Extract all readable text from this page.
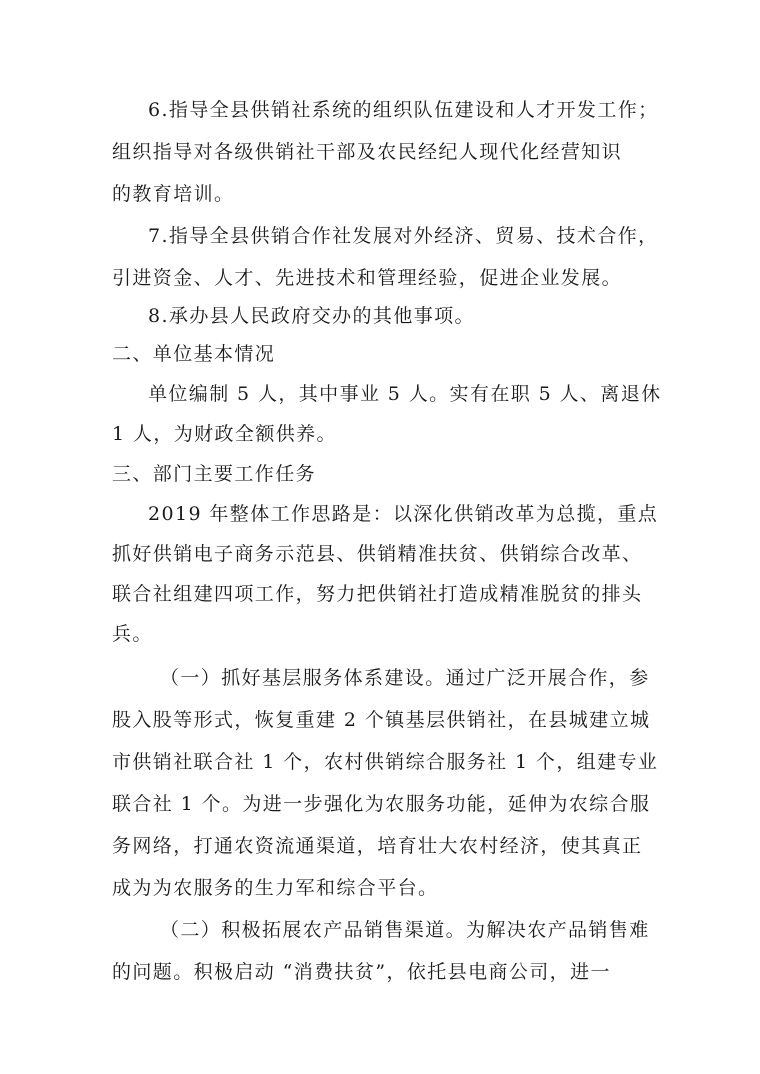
6.指导全县供销社系统的组织队伍建设和人才开发工作；
组织指导对各级供销社干部及农民经纪人现代化经营知识
的教育培训。
7.指导全县供销合作社发展对外经济、贸易、技术合作，
引进资金、人才、先进技术和管理经验，促进企业发展。
8.承办县人民政府交办的其他事项。
二、单位基本情况
单位编制 5 人，其中事业 5 人。实有在职 5 人、离退休
1 人，为财政全额供养。
三、部门主要工作任务
2019 年整体工作思路是：以深化供销改革为总揽，重点
抓好供销电子商务示范县、供销精准扶贫、供销综合改革、
联合社组建四项工作，努力把供销社打造成精准脱贫的排头
兵。
（一）抓好基层服务体系建设。通过广泛开展合作，参
股入股等形式，恢复重建 2 个镇基层供销社，在县城建立城
市供销社联合社 1 个，农村供销综合服务社 1 个，组建专业
联合社 1 个。为进一步强化为农服务功能，延伸为农综合服
务网络，打通农资流通渠道，培育壮大农村经济，使其真正
成为为农服务的生力军和综合平台。
（二）积极拓展农产品销售渠道。为解决农产品销售难
的问题。积极启动 “消费扶贫”，依托县电商公司，进一
